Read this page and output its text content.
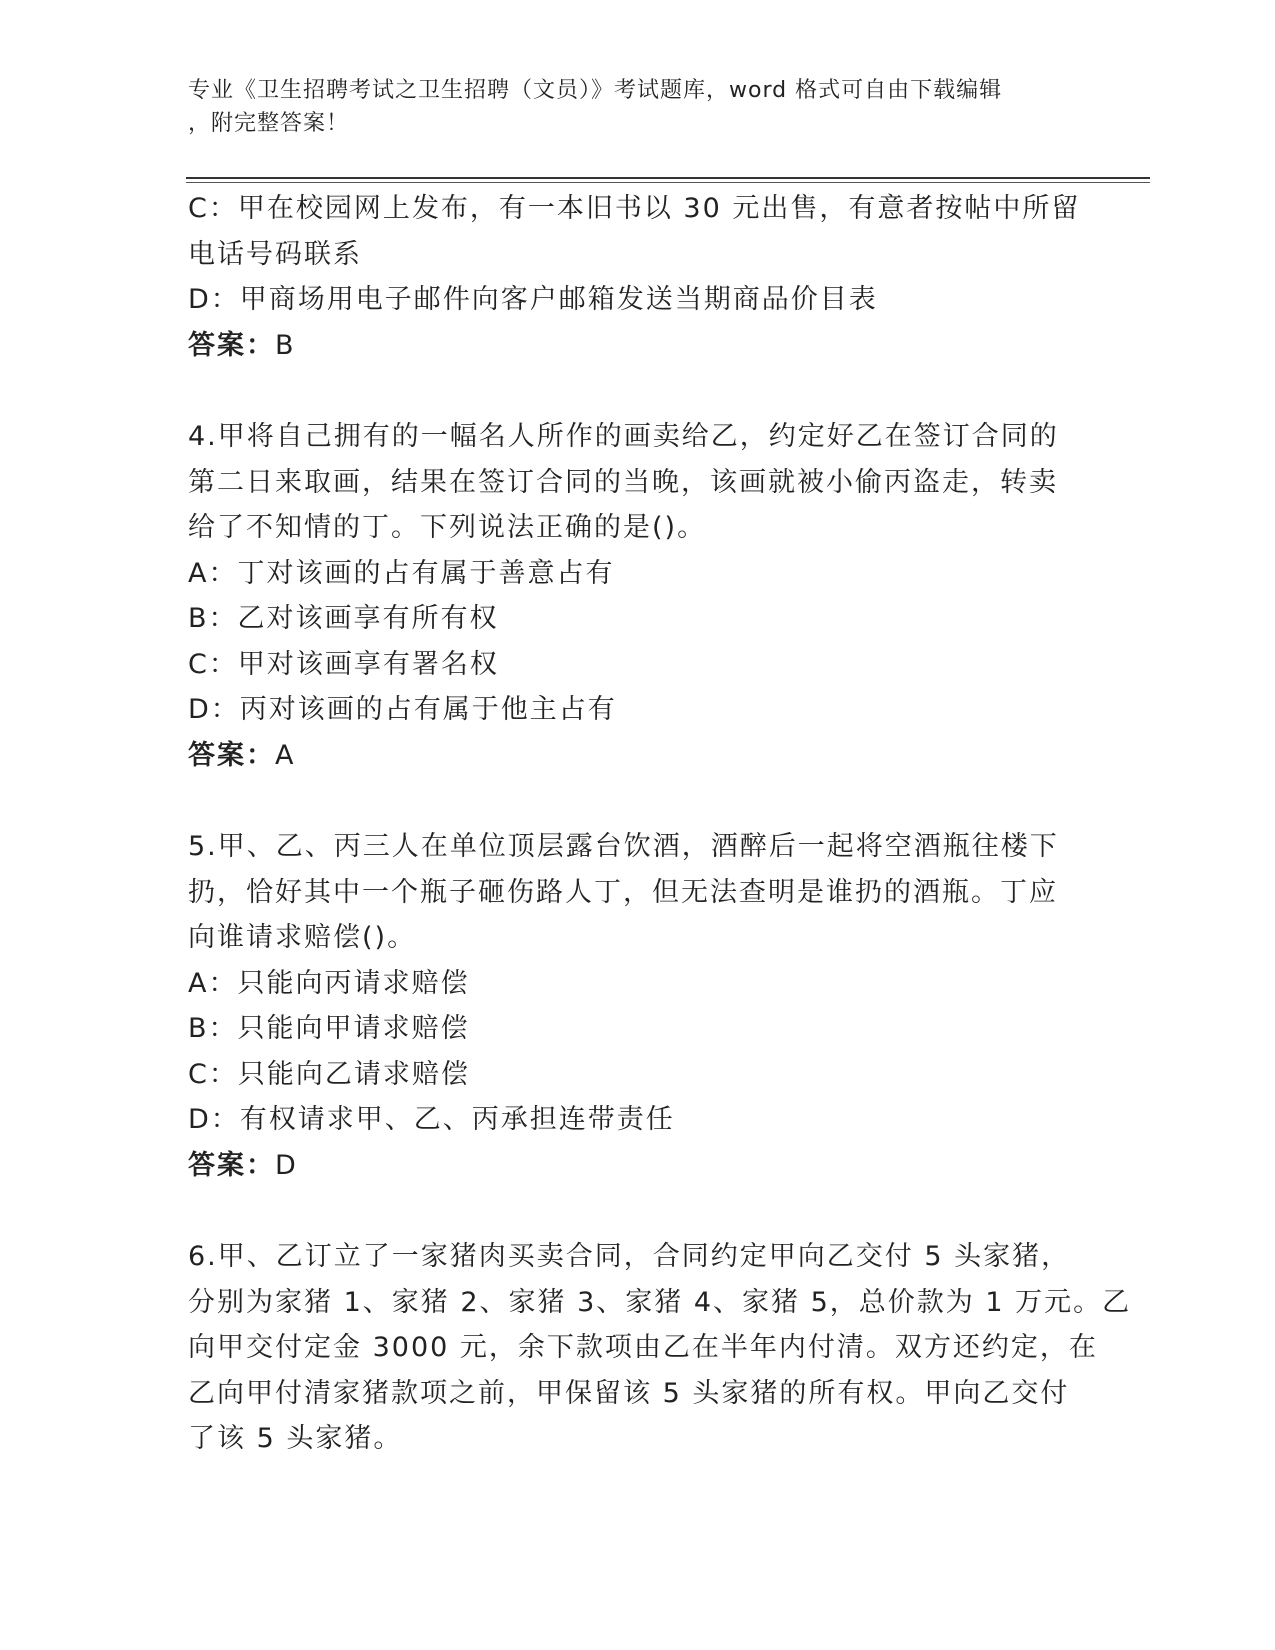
专业《卫生招聘考试之卫生招聘（文员）》考试题库，word 格式可自由下载编辑
，附完整答案！
C：甲在校园网上发布，有一本旧书以 30 元出售，有意者按帖中所留
电话号码联系
D：甲商场用电子邮件向客户邮箱发送当期商品价目表
答案：B
4.甲将自己拥有的一幅名人所作的画卖给乙，约定好乙在签订合同的
第二日来取画，结果在签订合同的当晚，该画就被小偷丙盗走，转卖
给了不知情的丁。下列说法正确的是()。
A：丁对该画的占有属于善意占有
B：乙对该画享有所有权
C：甲对该画享有署名权
D：丙对该画的占有属于他主占有
答案：A
5.甲、乙、丙三人在单位顶层露台饮酒，酒醉后一起将空酒瓶往楼下
扔，恰好其中一个瓶子砸伤路人丁，但无法查明是谁扔的酒瓶。丁应
向谁请求赔偿()。
A：只能向丙请求赔偿
B：只能向甲请求赔偿
C：只能向乙请求赔偿
D：有权请求甲、乙、丙承担连带责任
答案：D
6.甲、乙订立了一家猪肉买卖合同，合同约定甲向乙交付 5 头家猪，
分别为家猪 1、家猪 2、家猪 3、家猪 4、家猪 5，总价款为 1 万元。乙
向甲交付定金 3000 元，余下款项由乙在半年内付清。双方还约定，在
乙向甲付清家猪款项之前，甲保留该 5 头家猪的所有权。甲向乙交付
了该 5 头家猪。
